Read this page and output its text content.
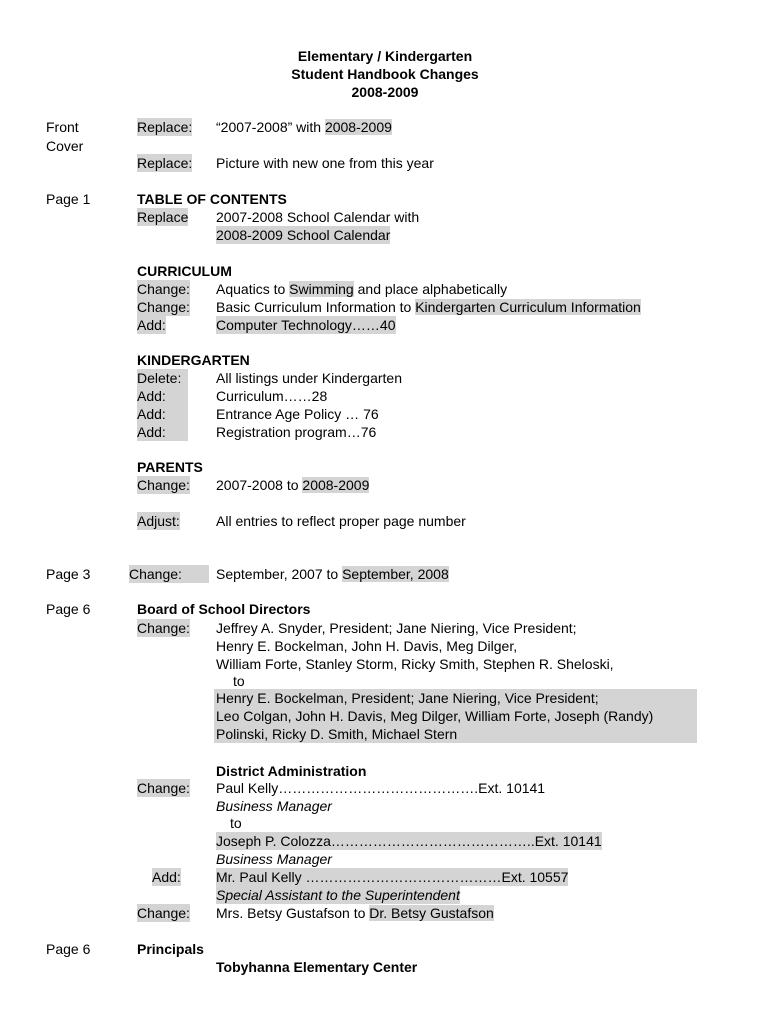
Elementary / Kindergarten
Student Handbook Changes
2008-2009
Front
Cover
Replace: “2007-2008” with 2008-2009
Replace: Picture with new one from this year
Page 1	TABLE OF CONTENTS
Replace 2007-2008 School Calendar with
2008-2009 School Calendar
CURRICULUM
Change: Aquatics to Swimming and place alphabetically
Change: Basic Curriculum Information to Kindergarten Curriculum Information
Add:	Computer Technology……40
KINDERGARTEN
Delete: All listings under Kindergarten
Add:	Curriculum……28
Add:	Entrance Age Policy … 76
Add:	Registration program…76
PARENTS
Change: 2007-2008 to 2008-2009
Adjust:	All entries to reflect proper page number
Page 3	Change:	September, 2007 to September, 2008
Page 6	Board of School Directors
Change: Jeffrey A. Snyder, President; Jane Niering, Vice President;
Henry E. Bockelman, John H. Davis, Meg Dilger,
William Forte, Stanley Storm, Ricky Smith, Stephen R. Sheloski,
to
Henry E. Bockelman, President; Jane Niering, Vice President;
Leo Colgan, John H. Davis, Meg Dilger, William Forte, Joseph (Randy)
Polinski, Ricky D. Smith, Michael Stern
District Administration
Change: Paul Kelly…………………………………….Ext. 10141
Business Manager
to
Joseph P. Colozza……………………………………..Ext. 10141
Business Manager
Add:	Mr. Paul Kelly ……………………………………Ext. 10557
Special Assistant to the Superintendent
Change: Mrs. Betsy Gustafson to Dr. Betsy Gustafson
Page 6	Principals
Tobyhanna Elementary Center
